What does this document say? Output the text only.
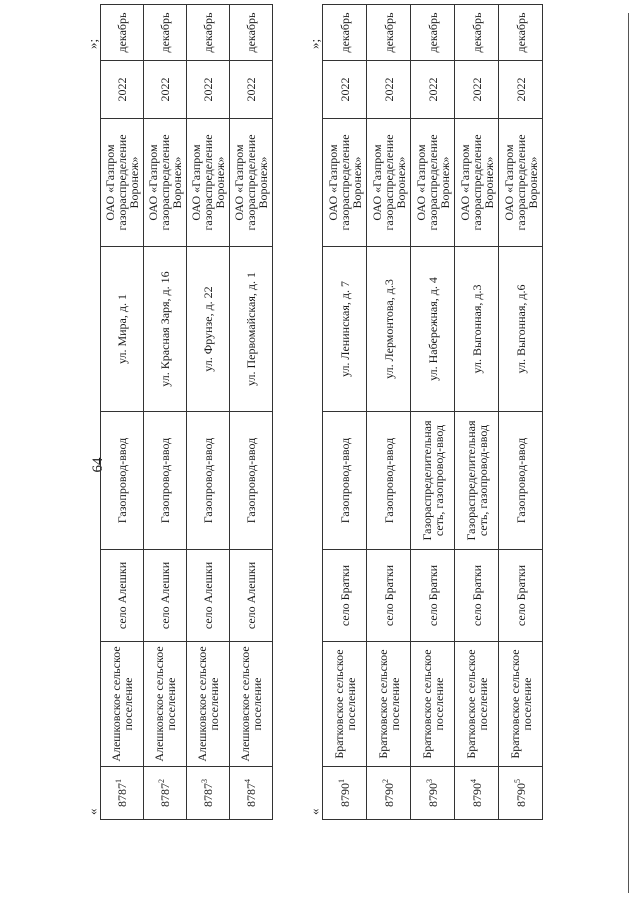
64
«
»;
8787$^1$	Алешковское сельское поселение	село Алешки	Газопровод-ввод	ул. Мира, д. 1	ОАО «Газпром газораспределение Воронеж»	2022	декабрь
8787$^2$	Алешковское сельское поселение	село Алешки	Газопровод-ввод	ул. Красная Заря, д. 16	ОАО «Газпром газораспределение Воронеж»	2022	декабрь
8787$^3$	Алешковское сельское поселение	село Алешки	Газопровод-ввод	ул. Фрунзе, д. 22	ОАО «Газпром газораспределение Воронеж»	2022	декабрь
8787$^4$	Алешковское сельское поселение	село Алешки	Газопровод-ввод	ул. Первомайская, д. 1	ОАО «Газпром газораспределение Воронеж»	2022	декабрь
«
»;
8790$^1$	Братковское сельское поселение	село Братки	Газопровод-ввод	ул. Ленинская, д. 7	ОАО «Газпром газораспределение Воронеж»	2022	декабрь
8790$^2$	Братковское сельское поселение	село Братки	Газопровод-ввод	ул. Лермонтова, д.3	ОАО «Газпром газораспределение Воронеж»	2022	декабрь
8790$^3$	Братковское сельское поселение	село Братки	Газораспределительная сеть, газопровод-ввод	ул. Набережная, д. 4	ОАО «Газпром газораспределение Воронеж»	2022	декабрь
8790$^4$	Братковское сельское поселение	село Братки	Газораспределительная сеть, газопровод-ввод	ул. Выгонная, д.3	ОАО «Газпром газораспределение Воронеж»	2022	декабрь
8790$^5$	Братковское сельское поселение	село Братки	Газопровод-ввод	ул. Выгонная, д.6	ОАО «Газпром газораспределение Воронеж»	2022	декабрь
